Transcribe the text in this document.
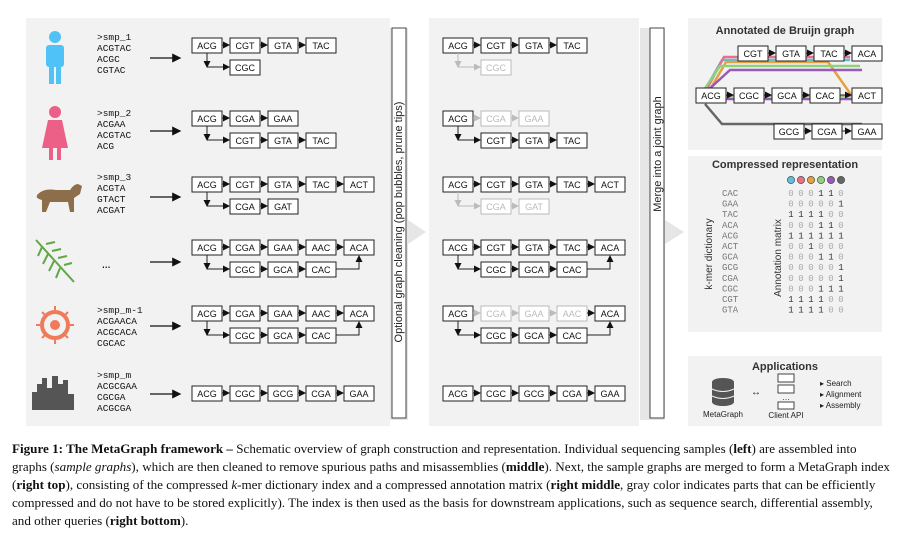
Optional graph cleaning (pop bubbles, prune tips)	Merge into a joint graph
>smp_1
ACGTAC
ACGC
CGTAC
>smp_2
ACGAA
ACGTAC
ACG
>smp_3
ACGTA
GTACT
ACGAT
…
>smp_m-1
ACGAACA
ACGCACA
CGCAC
>smp_m
ACGCGAA
CGCGA
ACGCGA
ACG CGT GTA TAC
CGC
ACG CGA GAA
CGT GTA TAC
ACG CGT GTA TAC ACT
CGA GAT
ACG CGA GAA AAC ACA
CGC GCA CAC
ACG CGA GAA AAC ACA
CGC GCA CAC
ACG CGC GCG CGA GAA
ACG CGT GTA TAC
CGC
ACG CGA GAA
CGT GTA TAC
ACG CGT GTA TAC ACT
CGA GAT
ACG CGT GTA TAC ACA
CGC GCA CAC
ACG CGA GAA AAC ACA
CGC GCA CAC
ACG CGC GCG CGA GAA
Annotated de Bruijn graph
CGT GTA TAC ACA
ACG CGC GCA CAC	ACT
GCG CGA GAA
Compressed representation
k-mer dictionary	Annotation matrix
CAC	0 0 0 1 1 0
GAA	0 0 0 0 0 1
TAC	1 1 1 1 0 0
ACA	0 0 0 1 1 0
ACG	1 1 1 1 1 1
ACT	0 0 1 0 0 0
GCA	0 0 0 1 1 0
GCG	0 0 0 0 0 1
CGA	0 0 0 0 0 1
CGC	0 0 0 1 1 1
CGT	1 1 1 1 0 0
GTA	1 1 1 1 0 0
Applications
MetaGraph
↔	…
Client API
▸ Search
▸ Alignment
▸ Assembly
Figure 1: The MetaGraph framework – Schematic overview of graph construction and representation. Individual sequencing samples (left) are assembled into graphs (sample graphs), which are then cleaned to remove spurious paths and misassemblies (middle). Next, the sample graphs are merged to form a MetaGraph index (right top), consisting of the compressed k-mer dictionary index and a compressed annotation matrix (right middle, gray color indicates parts that can be efficiently compressed and do not have to be stored explicitly). The index is then used as the basis for downstream applications, such as sequence search, differential assembly, and other queries (right bottom).
